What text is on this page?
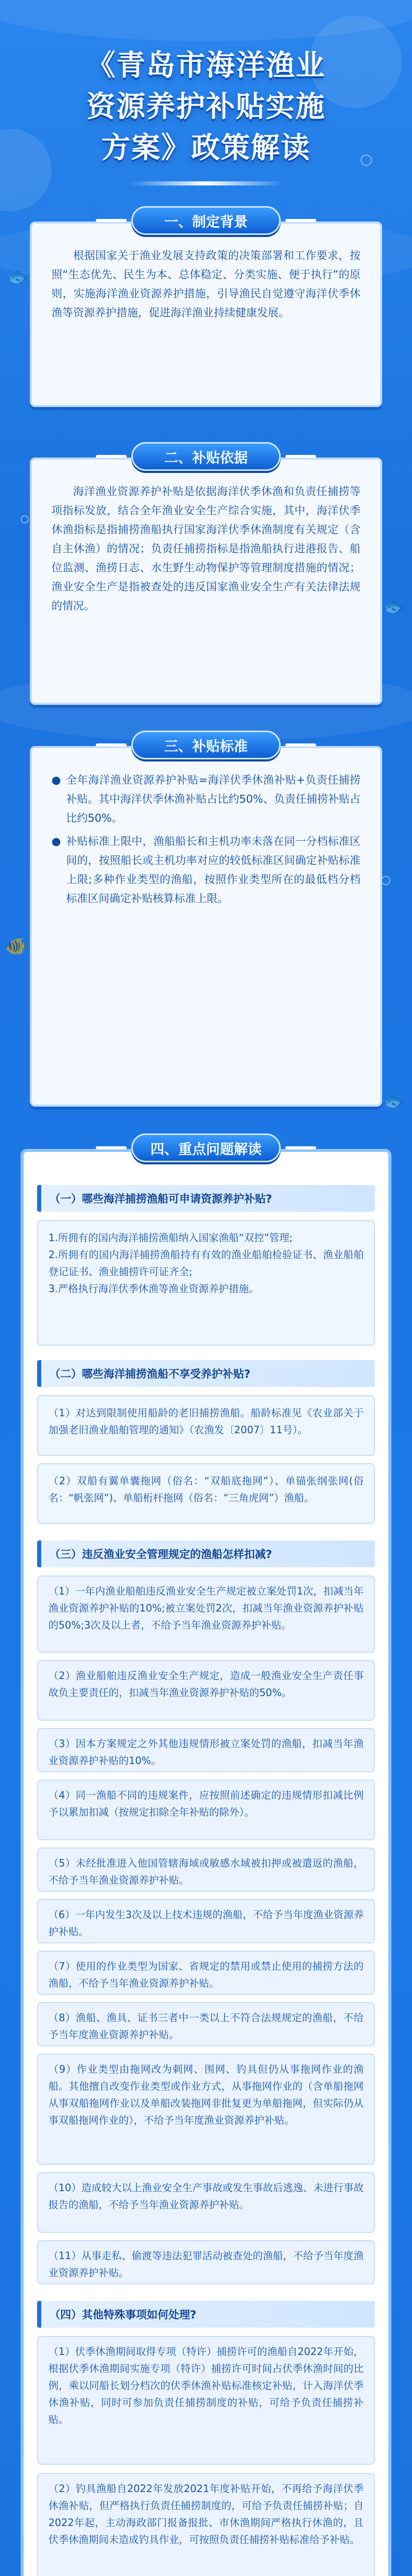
🐟
🐟
🐠
🐟
《青岛市海洋渔业
资源养护补贴实施
方案》政策解读
一、制定背景

根据国家关于渔业发展支持政策的决策部署和工作要求，按照“生态优先、民生为本、总体稳定、分类实施、便于执行”的原则，实施海洋渔业资源养护措施，引导渔民自觉遵守海洋伏季休渔等资源养护措施，促进海洋渔业持续健康发展。

二、补贴依据

海洋渔业资源养护补贴是依据海洋伏季休渔和负责任捕捞等项指标发放，结合全年渔业安全生产综合实施，其中，海洋伏季休渔指标是指捕捞渔船执行国家海洋伏季休渔制度有关规定（含自主休渔）的情况；负责任捕捞指标是指渔船执行进港报告、船位监测、渔捞日志、水生野生动物保护等管理制度措施的情况；渔业安全生产是指被查处的违反国家渔业安全生产有关法律法规的情况。

三、补贴标准
● 全年海洋渔业资源养护补贴=海洋伏季休渔补贴+负责任捕捞补贴。其中海洋伏季休渔补贴占比约50%、负责任捕捞补贴占比约50%。
● 补贴标准上限中，渔船船长和主机功率未落在同一分档标准区间的，按照船长或主机功率对应的较低标准区间确定补贴标准上限;多种作业类型的渔船，按照作业类型所在的最低档分档标准区间确定补贴核算标准上限。
四、重点问题解读
（一）哪些海洋捕捞渔船可申请资源养护补贴?

1.所拥有的国内海洋捕捞渔船纳入国家渔船“双控”管理;
2.所拥有的国内海洋捕捞渔船持有有效的渔业船舶检验证书、渔业船舶登记证书、渔业捕捞许可证齐全;
3.严格执行海洋伏季休渔等渔业资源养护措施。

（二）哪些海洋捕捞渔船不享受养护补贴?

（1）对达到限制使用船龄的老旧捕捞渔船。船龄标准见《农业部关于加强老旧渔业船舶管理的通知》（农渔发〔2007〕11号）。

（2）双船有翼单囊拖网（俗名：“双船底拖网”）、单锚张纲张网(俗名：“帆张网”)、单船桁杆拖网（俗名：“三角虎网”）渔船。

（三）违反渔业安全管理规定的渔船怎样扣减?
（1）一年内渔业船舶违反渔业安全生产规定被立案处罚1次，扣减当年渔业资源养护补贴的10%;被立案处罚2次，扣减当年渔业资源养护补贴的50%;3次及以上者，不给予当年渔业资源养护补贴。
（2）渔业船舶违反渔业安全生产规定，造成一般渔业安全生产责任事故负主要责任的，扣减当年渔业资源养护补贴的50%。
（3）因本方案规定之外其他违规情形被立案处罚的渔船，扣减当年渔业资源养护补贴的10%。
（4）同一渔船不同的违规案件，应按照前述确定的违规情形扣减比例予以累加扣减（按规定扣除全年补贴的除外）。
（5）未经批准进入他国管辖海域或敏感水域被扣押或被遣返的渔船，不给予当年渔业资源养护补贴。
（6）一年内发生3次及以上技术违规的渔船，不给予当年度渔业资源养护补贴。
（7）使用的作业类型为国家、省规定的禁用或禁止使用的捕捞方法的渔船，不给予当年渔业资源养护补贴。
（8）渔船、渔具、证书三者中一类以上不符合法规规定的渔船，不给予当年度渔业资源养护补贴。
（9）作业类型由拖网改为刺网、围网、钓具但仍从事拖网作业的渔船。其他擅自改变作业类型或作业方式，从事拖网作业的（含单船拖网从事双船拖网作业以及单船改装拖网非批复更为单船拖网，但实际仍从事双船拖网作业的），不给予当年度渔业资源养护补贴。
（10）造成较大以上渔业安全生产事故或发生事故后逃逸、未进行事故报告的渔船，不给予当年渔业资源养护补贴。
（11）从事走私、偷渡等违法犯罪活动被查处的渔船，不给予当年度渔业资源养护补贴。
（四）其他特殊事项如何处理?
（1）伏季休渔期间取得专项（特许）捕捞许可的渔船自2022年开始，根据伏季休渔期间实施专项（特许）捕捞许可时间占伏季休渔时间的比例，乘以同船长划分档次的伏季休渔补贴标准核定补贴，计入海洋伏季休渔补贴，同时可参加负责任捕捞制度的补贴，可给予负责任捕捞补贴。
（2）钓具渔船自2022年发放2021年度补贴开始，不再给予海洋伏季休渔补贴，但严格执行负责任捕捞制度的，可给予负责任捕捞补贴；自2022年起，主动海政部门报备报批、市休渔期间严格执行休渔的，且伏季休渔期间未造成钓具作业，可按照负责任捕捞补贴标准给予补贴。
